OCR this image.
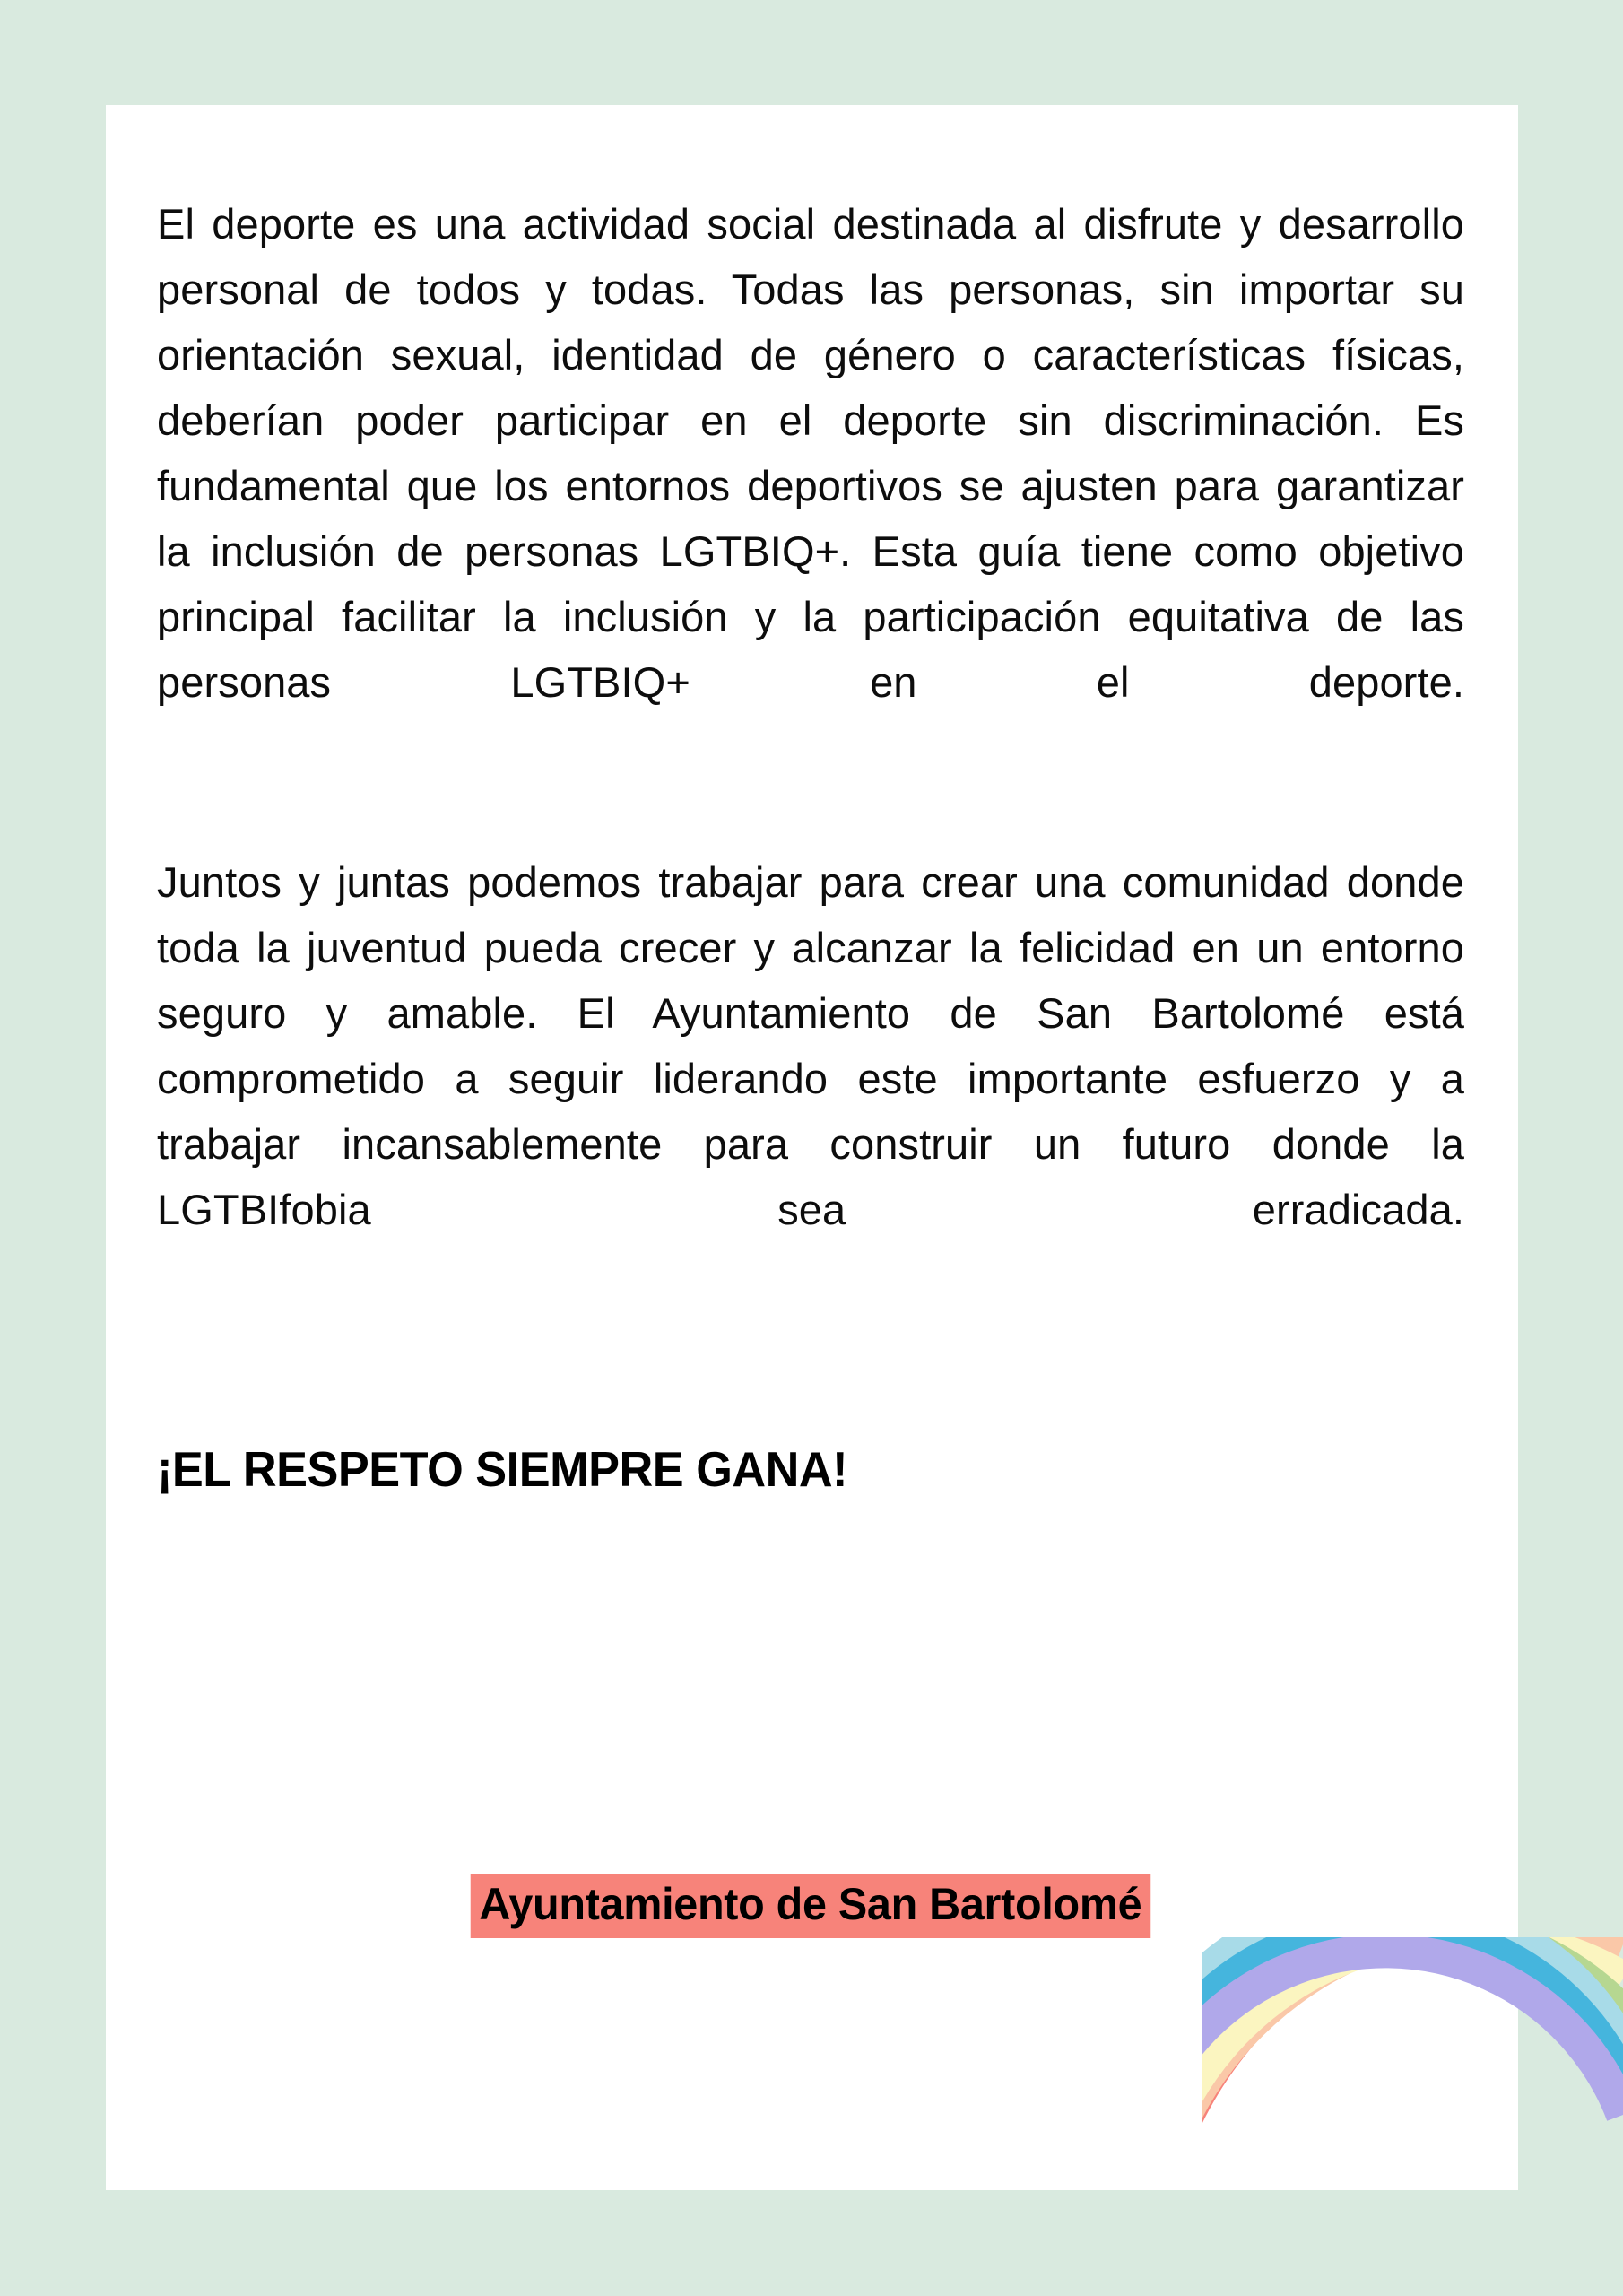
El deporte es una actividad social destinada al disfrute y desarrollo personal de todos y todas. Todas las personas, sin importar su orientación sexual, identidad de género o características físicas, deberían poder participar en el deporte sin discriminación. Es fundamental que los entornos deportivos se ajusten para garantizar la inclusión de personas LGTBIQ+. Esta guía tiene como objetivo principal facilitar la inclusión y la participación equitativa de las personas LGTBIQ+ en el deporte.

Juntos y juntas podemos trabajar para crear una comunidad donde toda la juventud pueda crecer y alcanzar la felicidad en un entorno seguro y amable. El Ayuntamiento de San Bartolomé está comprometido a seguir liderando este importante esfuerzo y a trabajar incansablemente para construir un futuro donde la LGTBIfobia sea erradicada.

¡EL RESPETO SIEMPRE GANA!
Ayuntamiento de San Bartolomé
